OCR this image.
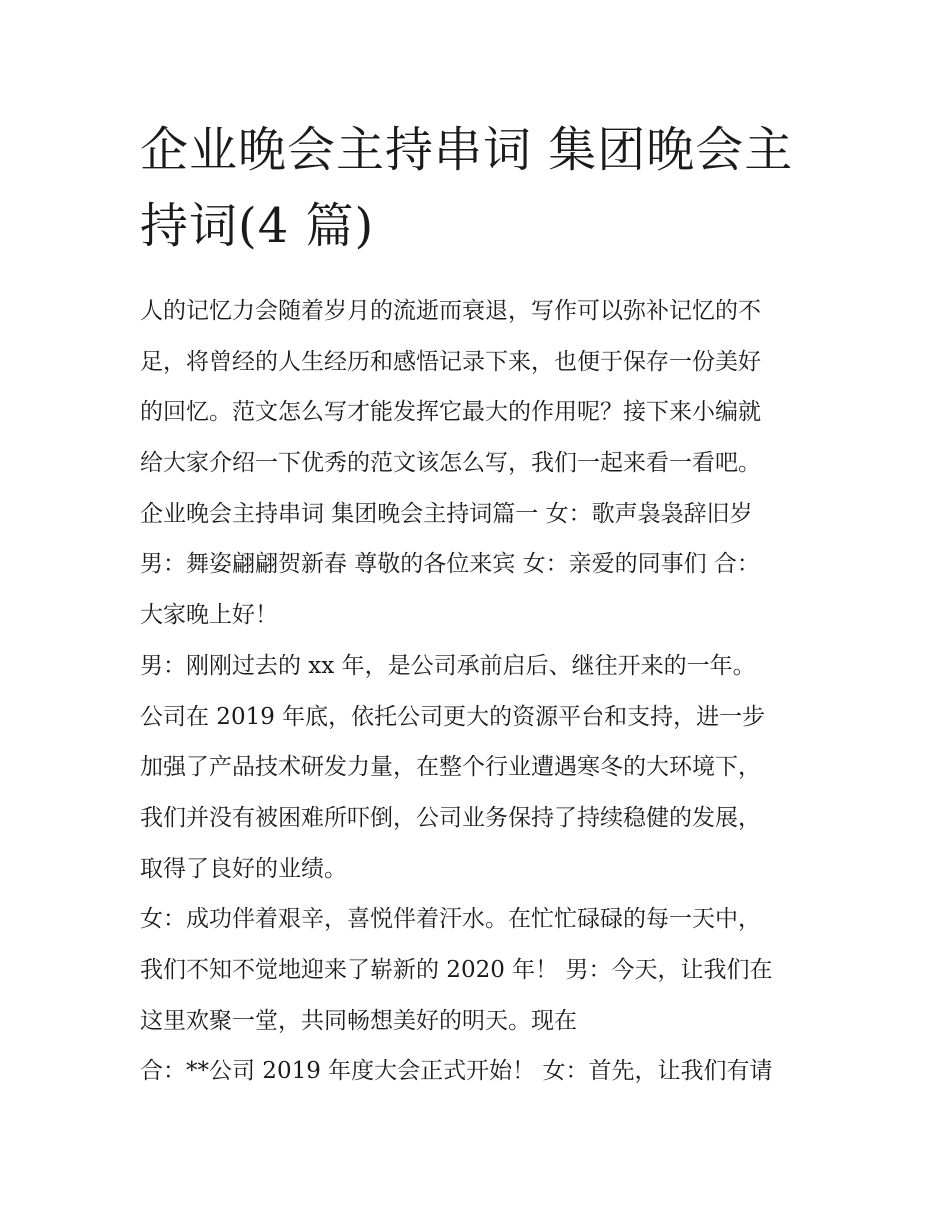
企业晚会主持串词 集团晚会主
持词(4 篇)
人的记忆力会随着岁月的流逝而衰退，写作可以弥补记忆的不
足，将曾经的人生经历和感悟记录下来，也便于保存一份美好
的回忆。范文怎么写才能发挥它最大的作用呢？接下来小编就
给大家介绍一下优秀的范文该怎么写，我们一起来看一看吧。
企业晚会主持串词 集团晚会主持词篇一 女：歌声袅袅辞旧岁
男：舞姿翩翩贺新春 尊敬的各位来宾 女：亲爱的同事们 合：
大家晚上好！
男：刚刚过去的 xx 年，是公司承前启后、继往开来的一年。
公司在 2019 年底，依托公司更大的资源平台和支持，进一步
加强了产品技术研发力量，在整个行业遭遇寒冬的大环境下，
我们并没有被困难所吓倒，公司业务保持了持续稳健的发展，
取得了良好的业绩。
女：成功伴着艰辛，喜悦伴着汗水。在忙忙碌碌的每一天中，
我们不知不觉地迎来了崭新的 2020 年！ 男：今天，让我们在
这里欢聚一堂，共同畅想美好的明天。现在
合：**公司 2019 年度大会正式开始！ 女：首先，让我们有请
